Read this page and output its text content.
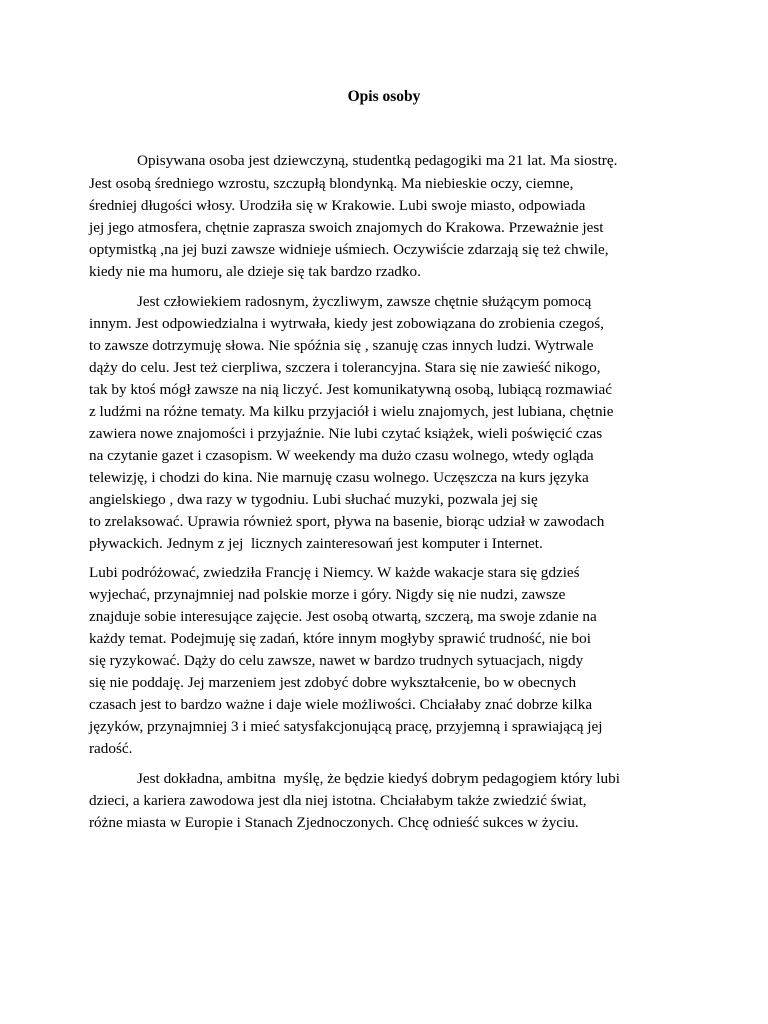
Opis osoby
Opisywana osoba jest dziewczyną, studentką pedagogiki ma 21 lat. Ma siostrę.
Jest osobą średniego wzrostu, szczupłą blondynką. Ma niebieskie oczy, ciemne,
średniej długości włosy. Urodziła się w Krakowie. Lubi swoje miasto, odpowiada
jej jego atmosfera, chętnie zaprasza swoich znajomych do Krakowa. Przeważnie jest
optymistką ,na jej buzi zawsze widnieje uśmiech. Oczywiście zdarzają się też chwile,
kiedy nie ma humoru, ale dzieje się tak bardzo rzadko.
Jest człowiekiem radosnym, życzliwym, zawsze chętnie służącym pomocą
innym. Jest odpowiedzialna i wytrwała, kiedy jest zobowiązana do zrobienia czegoś,
to zawsze dotrzymuję słowa. Nie spóźnia się , szanuję czas innych ludzi. Wytrwale
dąży do celu. Jest też cierpliwa, szczera i tolerancyjna. Stara się nie zawieść nikogo,
tak by ktoś mógł zawsze na nią liczyć. Jest komunikatywną osobą, lubiącą rozmawiać
z ludźmi na różne tematy. Ma kilku przyjaciół i wielu znajomych, jest lubiana, chętnie
zawiera nowe znajomości i przyjaźnie. Nie lubi czytać książek, wieli poświęcić czas
na czytanie gazet i czasopism. W weekendy ma dużo czasu wolnego, wtedy ogląda
telewizję, i chodzi do kina. Nie marnuję czasu wolnego. Uczęszcza na kurs języka
angielskiego , dwa razy w tygodniu. Lubi słuchać muzyki, pozwala jej się
to zrelaksować. Uprawia również sport, pływa na basenie, biorąc udział w zawodach
pływackich. Jednym z jej  licznych zainteresowań jest komputer i Internet.
Lubi podróżować, zwiedziła Francję i Niemcy. W każde wakacje stara się gdzieś
wyjechać, przynajmniej nad polskie morze i góry. Nigdy się nie nudzi, zawsze
znajduje sobie interesujące zajęcie. Jest osobą otwartą, szczerą, ma swoje zdanie na
każdy temat. Podejmuję się zadań, które innym mogłyby sprawić trudność, nie boi
się ryzykować. Dąży do celu zawsze, nawet w bardzo trudnych sytuacjach, nigdy
się nie poddaję. Jej marzeniem jest zdobyć dobre wykształcenie, bo w obecnych
czasach jest to bardzo ważne i daje wiele możliwości. Chciałaby znać dobrze kilka
języków, przynajmniej 3 i mieć satysfakcjonującą pracę, przyjemną i sprawiającą jej
radość.
Jest dokładna, ambitna  myślę, że będzie kiedyś dobrym pedagogiem który lubi
dzieci, a kariera zawodowa jest dla niej istotna. Chciałabym także zwiedzić świat,
różne miasta w Europie i Stanach Zjednoczonych. Chcę odnieść sukces w życiu.
